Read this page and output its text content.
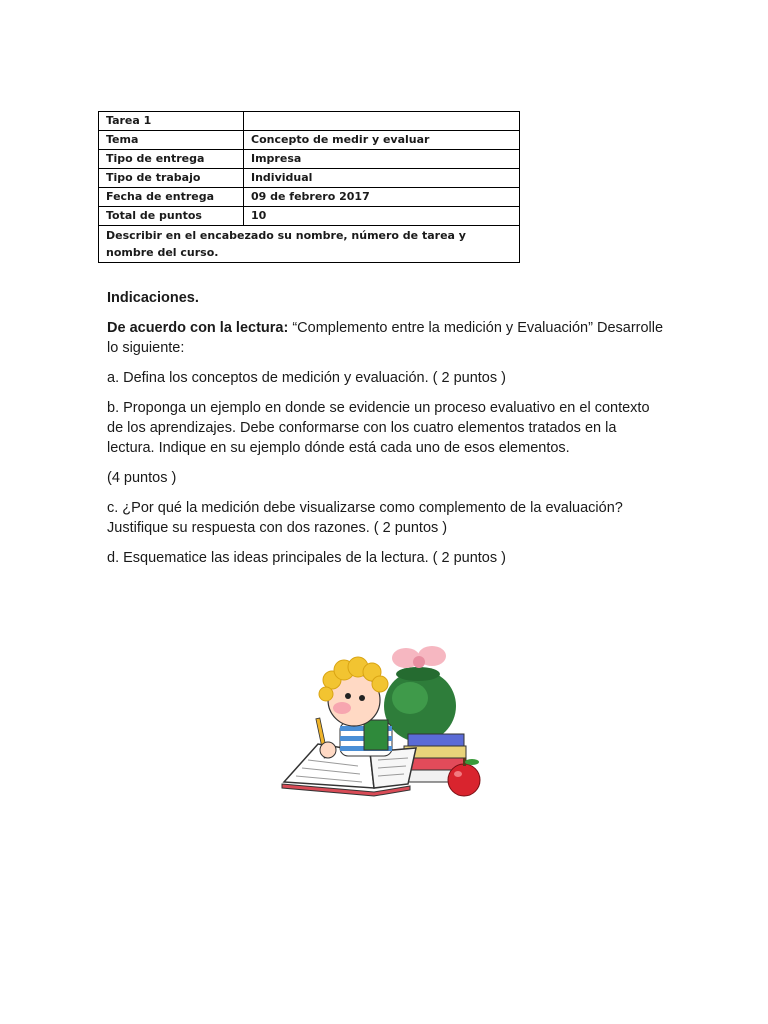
Tarea 1	
Tema	Concepto de medir y evaluar
Tipo de entrega	Impresa
Tipo de trabajo	Individual
Fecha de entrega	09 de febrero 2017
Total de puntos	10
Describir en el encabezado su nombre, número de tarea y nombre del curso.	
Indicaciones.
De acuerdo con la lectura: “Complemento entre la medición y Evaluación” Desarrolle lo siguiente:
a. Defina los conceptos de medición y evaluación. ( 2 puntos )
b. Proponga un ejemplo en donde se evidencie un proceso evaluativo en el contexto de los aprendizajes. Debe conformarse con los cuatro elementos tratados en la lectura. Indique en su ejemplo dónde está cada uno de esos elementos.
(4 puntos )
c. ¿Por qué la medición debe visualizarse como complemento de la evaluación? Justifique su respuesta con dos razones. ( 2 puntos )
d. Esquematice las ideas principales de la lectura. ( 2 puntos )
